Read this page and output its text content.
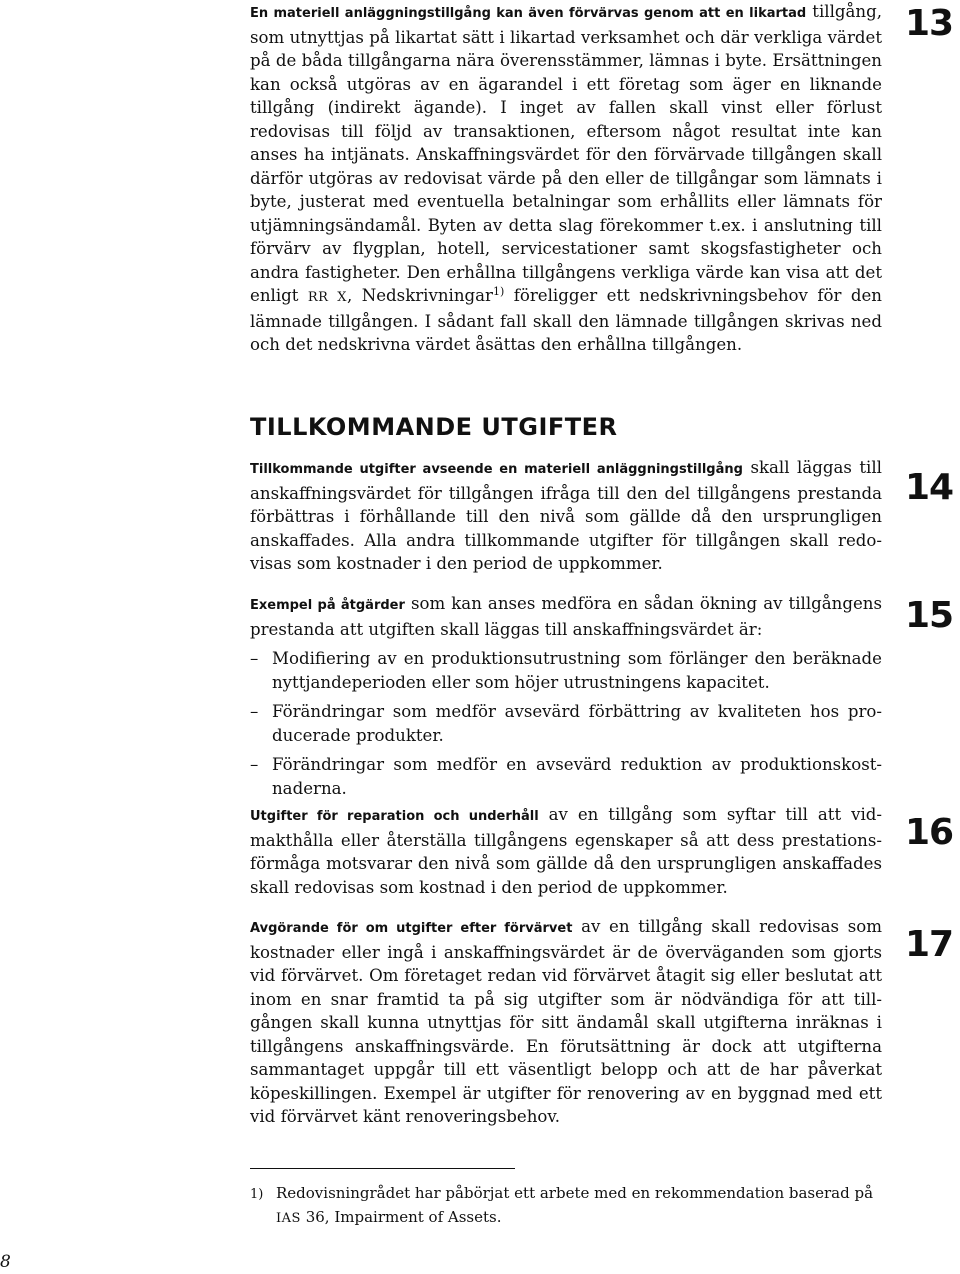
En materiell anläggningstillgång kan även förvärvas genom att en likartad tillgång, som utnyttjas på likartat sätt i likartad verksamhet och där verkliga värdet på de båda tillgångarna nära överensstämmer, lämnas i byte. Ersättningen kan också utgöras av en ägarandel i ett företag som äger en liknande tillgång (indirekt ägande). I inget av fallen skall vinst eller förlust redovisas till följd av transaktionen, eftersom något resultat inte kan anses ha intjänats. Anskaffningsvärdet för den förvärvade tillgången skall därför utgöras av redovisat värde på den eller de tillgångar som lämnats i byte, justerat med eventuella betalningar som erhållits eller lämnats för utjämningsändamål. Byten av detta slag förekommer t.ex. i anslutning till förvärv av flygplan, hotell, servicestationer samt skogsfastigheter och andra fastigheter. Den erhållna tillgångens verkliga värde kan visa att det enligt RR X, Nedskrivningar$^{1)}$ föreligger ett nedskrivningsbehov för den lämnade tillgången. I sådant fall skall den lämnade tillgången skrivas ned och det nedskrivna värdet åsättas den erhållna tillgången.

13
TILLKOMMANDE UTGIFTER

Tillkommande utgifter avseende en materiell anläggningstillgång skall läggas till anskaffningsvärdet för tillgången ifråga till den del tillgångens prestanda förbättras i förhållande till den nivå som gällde då den ursprungligen anskaffades. Alla andra tillkommande utgifter för tillgången skall redovisas som kostnader i den period de uppkommer.

14

Exempel på åtgärder som kan anses medföra en sådan ökning av tillgångens prestanda att utgiften skall läggas till anskaffningsvärdet är:

– Modifiering av en produktionsutrustning som förlänger den beräknade nyttjandeperioden eller som höjer utrustningens kapacitet.
– Förändringar som medför avsevärd förbättring av kvaliteten hos producerade produkter.
– Förändringar som medför en avsevärd reduktion av produktionskostnaderna.
15

Utgifter för reparation och underhåll av en tillgång som syftar till att vidmakthålla eller återställa tillgångens egenskaper så att dess prestationsförmåga motsvarar den nivå som gällde då den ursprungligen anskaffades skall redovisas som kostnad i den period de uppkommer.

16

Avgörande för om utgifter efter förvärvet av en tillgång skall redovisas som kostnader eller ingå i anskaffningsvärdet är de överväganden som gjorts vid förvärvet. Om företaget redan vid förvärvet åtagit sig eller beslutat att inom en snar framtid ta på sig utgifter som är nödvändiga för att tillgången skall kunna utnyttjas för sitt ändamål skall utgifterna inräknas i tillgångens anskaffningsvärde. En förutsättning är dock att utgifterna sammantaget uppgår till ett väsentligt belopp och att de har påverkat köpeskillingen. Exempel är utgifter för renovering av en byggnad med ett vid förvärvet känt renoveringsbehov.

17
1) Redovisningrådet har påbörjat ett arbete med en rekommendation baserad på
IAS 36, Impairment of Assets.
8
